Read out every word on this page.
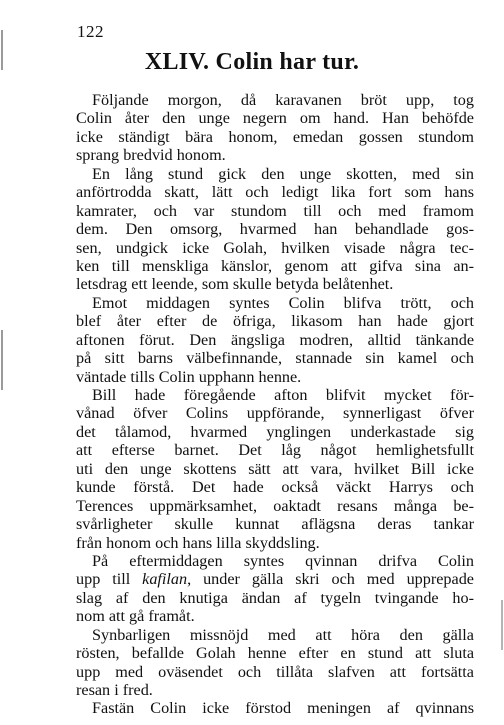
122
XLIV. Colin har tur.
Följande morgon, då karavanen bröt upp, tog
Colin åter den unge negern om hand. Han behöfde
icke ständigt bära honom, emedan gossen stundom
sprang bredvid honom.
En lång stund gick den unge skotten, med sin
anförtrodda skatt, lätt och ledigt lika fort som hans
kamrater, och var stundom till och med framom
dem. Den omsorg, hvarmed han behandlade gos-
sen, undgick icke Golah, hvilken visade några tec-
ken till menskliga känslor, genom att gifva sina an-
letsdrag ett leende, som skulle betyda belåtenhet.
Emot middagen syntes Colin blifva trött, och
blef åter efter de öfriga, likasom han hade gjort
aftonen förut. Den ängsliga modren, alltid tänkande
på sitt barns välbefinnande, stannade sin kamel och
väntade tills Colin upphann henne.
Bill hade föregående afton blifvit mycket för-
vånad öfver Colins uppförande, synnerligast öfver
det tålamod, hvarmed ynglingen underkastade sig
att efterse barnet. Det låg något hemlighetsfullt
uti den unge skottens sätt att vara, hvilket Bill icke
kunde förstå. Det hade också väckt Harrys och
Terences uppmärksamhet, oaktadt resans många be-
svårligheter skulle kunnat aflägsna deras tankar
från honom och hans lilla skyddsling.
På eftermiddagen syntes qvinnan drifva Colin
upp till kafilan, under gälla skri och med upprepade
slag af den knutiga ändan af tygeln tvingande ho-
nom att gå framåt.
Synbarligen missnöjd med att höra den gälla
rösten, befallde Golah henne efter en stund att sluta
upp med oväsendet och tillåta slafven att fortsätta
resan i fred.
Fastän Colin icke förstod meningen af qvinnans
